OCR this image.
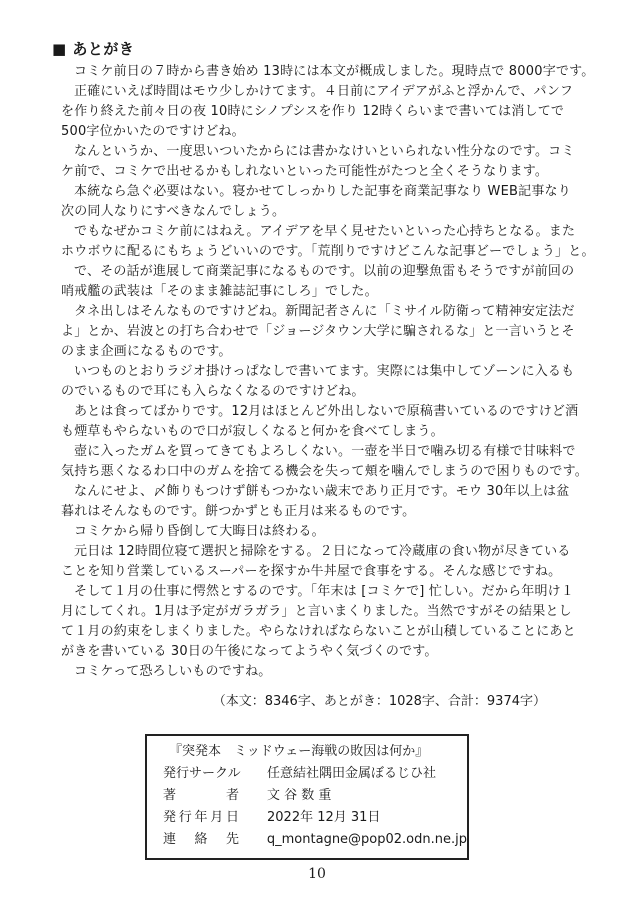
■ あとがき
コミケ前日の７時から書き始め 13時には本文が概成しました。現時点で 8000字です。
正確にいえば時間はモウ少しかけてます。４日前にアイデアがふと浮かんで、パンフ
を作り終えた前々日の夜 10時にシノプシスを作り 12時くらいまで書いては消してで
500字位かいたのですけどね。
なんというか、一度思いついたからには書かなけいといられない性分なのです。コミ
ケ前で、コミケで出せるかもしれないといった可能性がたつと全くそうなります。
本統なら急ぐ必要はない。寝かせてしっかりした記事を商業記事なり WEB記事なり
次の同人なりにすべきなんでしょう。
でもなぜかコミケ前にはねえ。アイデアを早く見せたいといった心持ちとなる。また
ホウボウに配るにもちょうどいいのです。「荒削りですけどこんな記事どーでしょう」と。
で、その話が進展して商業記事になるものです。以前の迎撃魚雷もそうですが前回の
哨戒艦の武装は「そのまま雑誌記事にしろ」でした。
タネ出しはそんなものですけどね。新聞記者さんに「ミサイル防衛って精神安定法だ
よ」とか、岩波との打ち合わせで「ジョージタウン大学に騙されるな」と一言いうとそ
のまま企画になるものです。
いつものとおりラジオ掛けっぱなしで書いてます。実際には集中してゾーンに入るも
のでいるもので耳にも入らなくなるのですけどね。
あとは食ってばかりです。12月はほとんど外出しないで原稿書いているのですけど酒
も煙草もやらないもので口が寂しくなると何かを食べてしまう。
壺に入ったガムを買ってきてもよろしくない。一壺を半日で噛み切る有様で甘味料で
気持ち悪くなるわ口中のガムを捨てる機会を失って頬を噛んでしまうので困りものです。
なんにせよ、〆飾りもつけず餅もつかない歳末であり正月です。モウ 30年以上は盆
暮れはそんなものです。餅つかずとも正月は来るものです。
コミケから帰り昏倒して大晦日は終わる。
元日は 12時間位寝て選択と掃除をする。２日になって冷蔵庫の食い物が尽きている
ことを知り営業しているスーパーを探すか牛丼屋で食事をする。そんな感じですね。
そして１月の仕事に愕然とするのです。「年末は [コミケで] 忙しい。だから年明け１
月にしてくれ。1月は予定がガラガラ」と言いまくりました。当然ですがその結果とし
て１月の約束をしまくりました。やらなければならないことが山積していることにあと
がきを書いている 30日の午後になってようやく気づくのです。
コミケって恐ろしいものですね。
（本文：8346字、あとがき：1028字、合計：9374字）
『突発本　ミッドウェー海戦の敗因は何か』
発行サークル	任意結社隅田金属ぼるじひ社
著	者 文 谷 数 重
発 行 年 月 日 2022年 12月 31日
連 絡 先 q_montagne@pop02.odn.ne.jp
10
